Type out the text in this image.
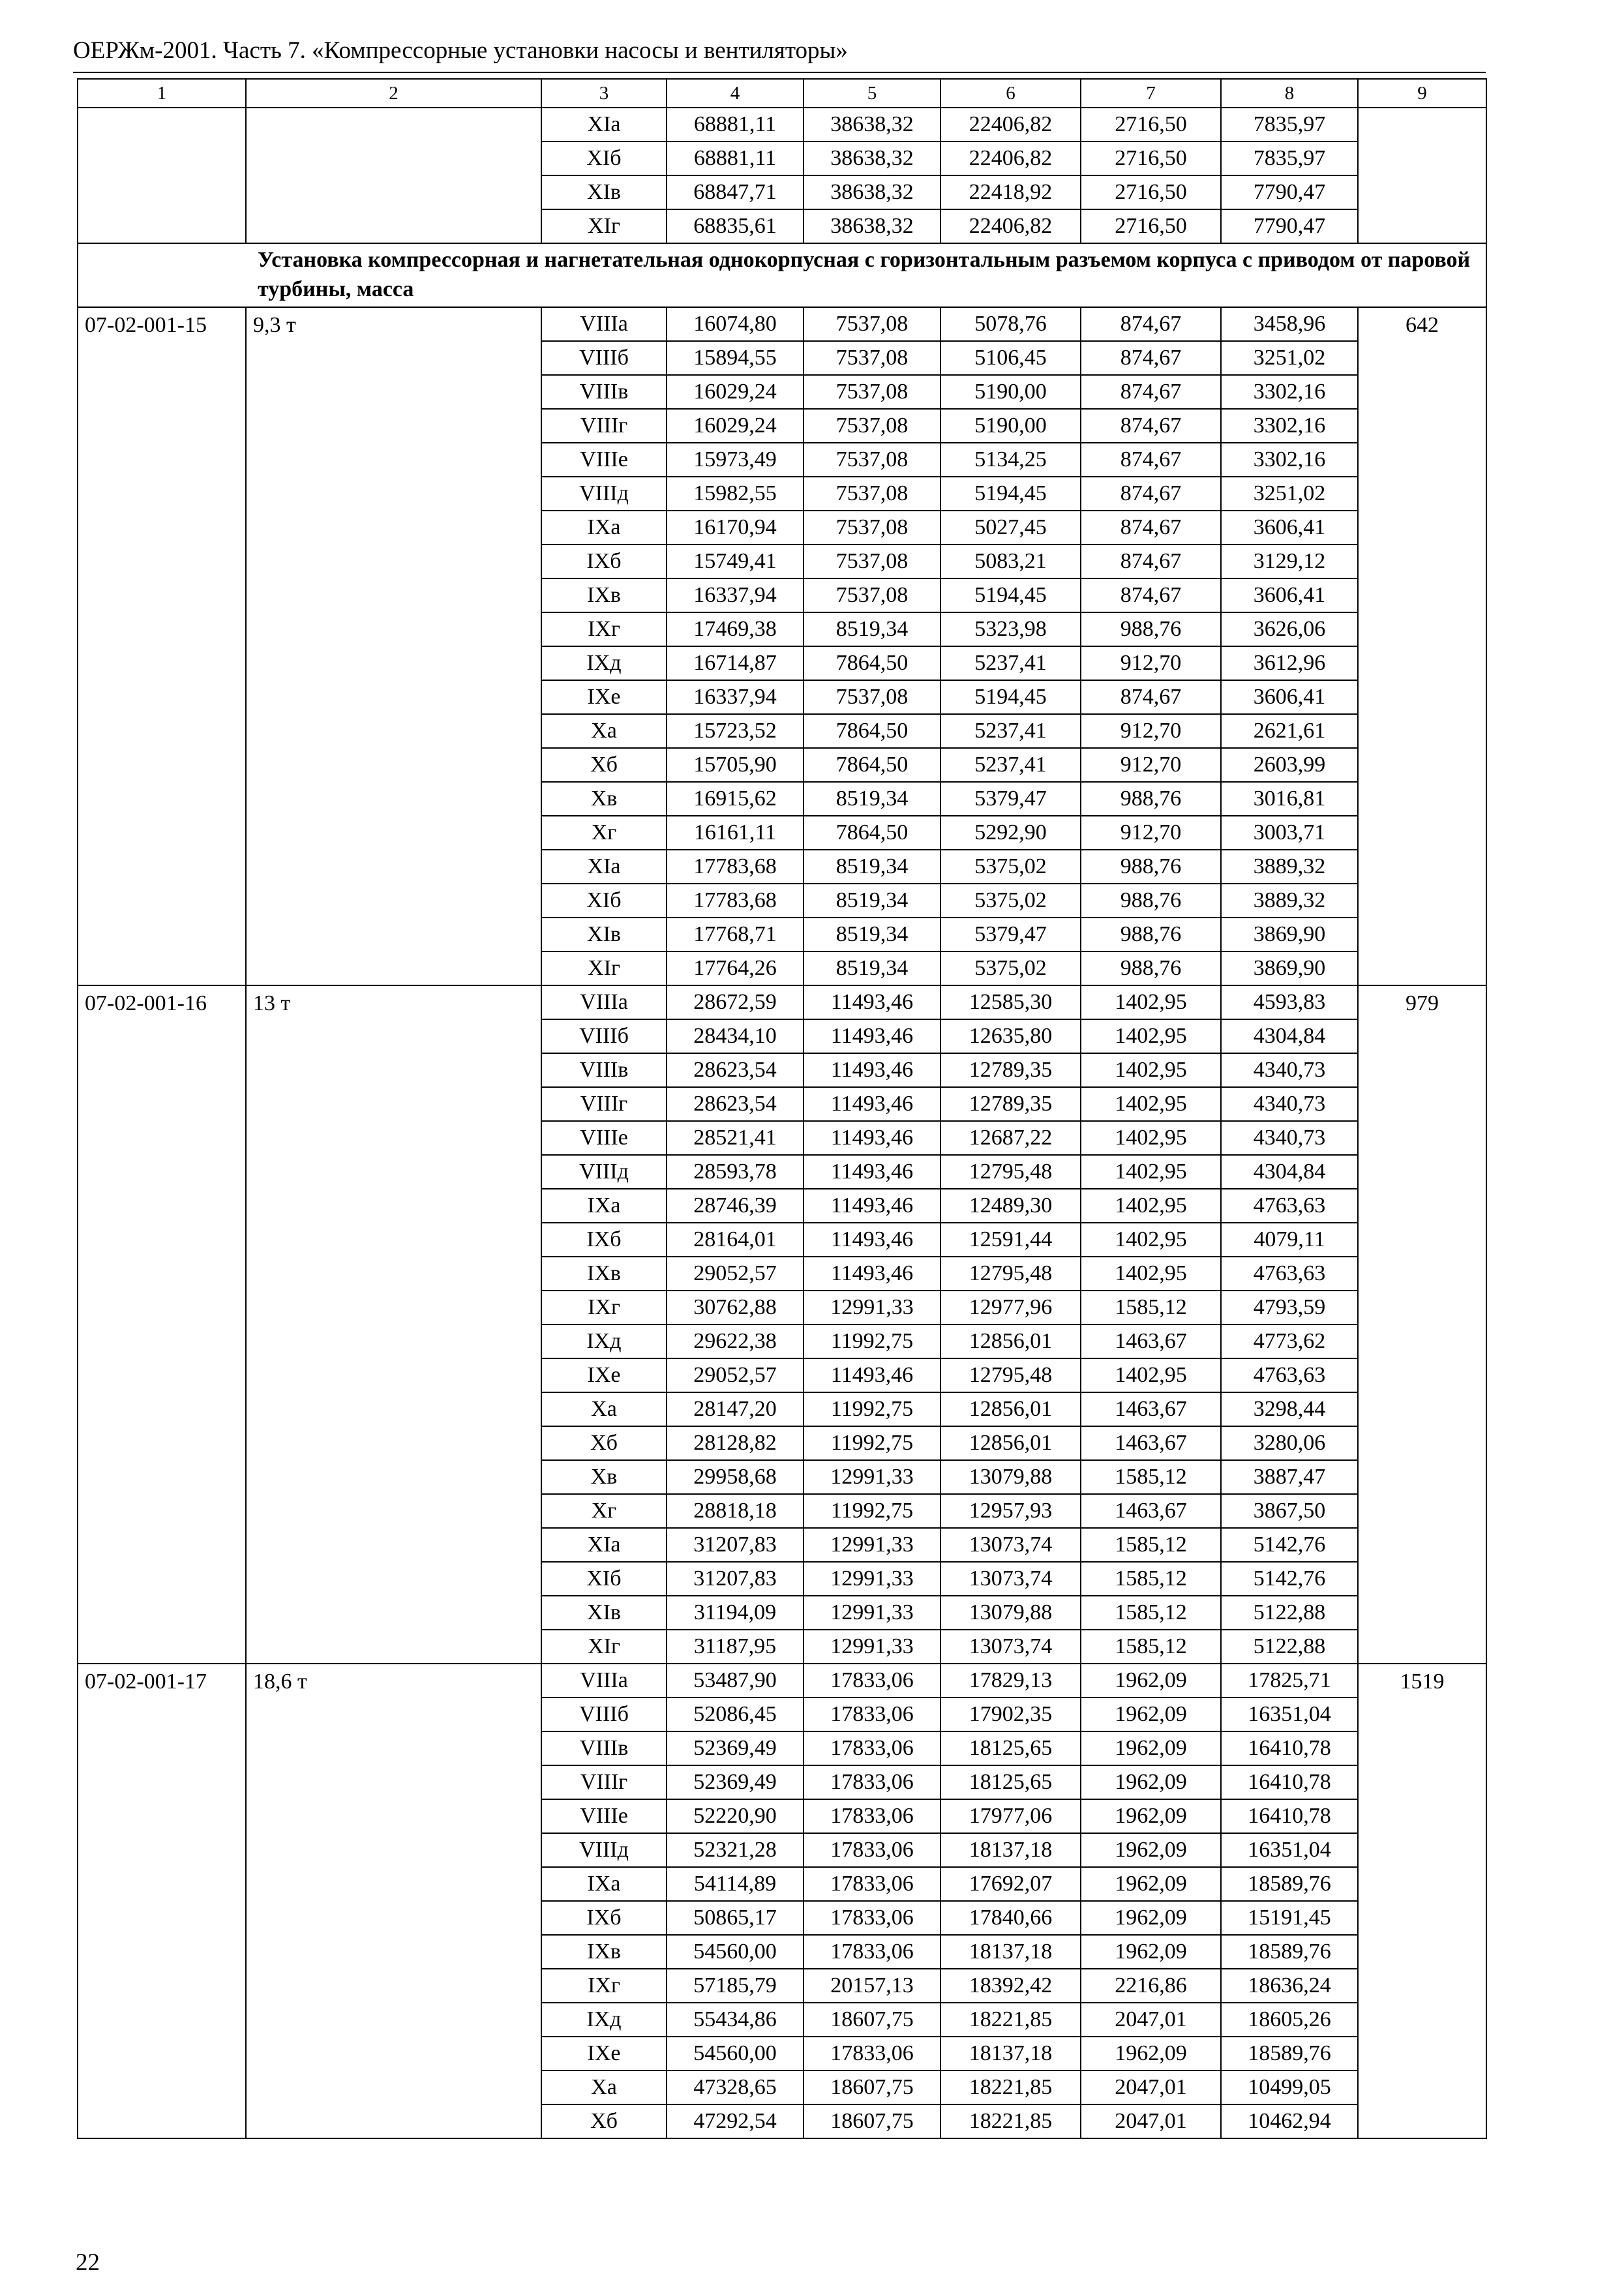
ОЕРЖм-2001. Часть 7. «Компрессорные установки насосы и вентиляторы»
1	2	3	4	5	6	7	8	9
		XIа	68881,11	38638,32	22406,82	2716,50	7835,97	
		XIб	68881,11	38638,32	22406,82	2716,50	7835,97	
		XIв	68847,71	38638,32	22418,92	2716,50	7790,47	
		XIг	68835,61	38638,32	22406,82	2716,50	7790,47	
Установка компрессорная и нагнетательная однокорпусная с горизонтальным разъемом корпуса с приводом от паровой турбины, масса								
07-02-001-15	9,3 т	VIIIа	16074,80	7537,08	5078,76	874,67	3458,96	642
		VIIIб	15894,55	7537,08	5106,45	874,67	3251,02	
		VIIIв	16029,24	7537,08	5190,00	874,67	3302,16	
		VIIIг	16029,24	7537,08	5190,00	874,67	3302,16	
		VIIIе	15973,49	7537,08	5134,25	874,67	3302,16	
		VIIIд	15982,55	7537,08	5194,45	874,67	3251,02	
		IXа	16170,94	7537,08	5027,45	874,67	3606,41	
		IXб	15749,41	7537,08	5083,21	874,67	3129,12	
		IXв	16337,94	7537,08	5194,45	874,67	3606,41	
		IXг	17469,38	8519,34	5323,98	988,76	3626,06	
		IXд	16714,87	7864,50	5237,41	912,70	3612,96	
		IXе	16337,94	7537,08	5194,45	874,67	3606,41	
		Xа	15723,52	7864,50	5237,41	912,70	2621,61	
		Xб	15705,90	7864,50	5237,41	912,70	2603,99	
		Xв	16915,62	8519,34	5379,47	988,76	3016,81	
		Xг	16161,11	7864,50	5292,90	912,70	3003,71	
		XIа	17783,68	8519,34	5375,02	988,76	3889,32	
		XIб	17783,68	8519,34	5375,02	988,76	3889,32	
		XIв	17768,71	8519,34	5379,47	988,76	3869,90	
		XIг	17764,26	8519,34	5375,02	988,76	3869,90	
07-02-001-16	13 т	VIIIа	28672,59	11493,46	12585,30	1402,95	4593,83	979
		VIIIб	28434,10	11493,46	12635,80	1402,95	4304,84	
		VIIIв	28623,54	11493,46	12789,35	1402,95	4340,73	
		VIIIг	28623,54	11493,46	12789,35	1402,95	4340,73	
		VIIIе	28521,41	11493,46	12687,22	1402,95	4340,73	
		VIIIд	28593,78	11493,46	12795,48	1402,95	4304,84	
		IXа	28746,39	11493,46	12489,30	1402,95	4763,63	
		IXб	28164,01	11493,46	12591,44	1402,95	4079,11	
		IXв	29052,57	11493,46	12795,48	1402,95	4763,63	
		IXг	30762,88	12991,33	12977,96	1585,12	4793,59	
		IXд	29622,38	11992,75	12856,01	1463,67	4773,62	
		IXе	29052,57	11493,46	12795,48	1402,95	4763,63	
		Xа	28147,20	11992,75	12856,01	1463,67	3298,44	
		Xб	28128,82	11992,75	12856,01	1463,67	3280,06	
		Xв	29958,68	12991,33	13079,88	1585,12	3887,47	
		Xг	28818,18	11992,75	12957,93	1463,67	3867,50	
		XIа	31207,83	12991,33	13073,74	1585,12	5142,76	
		XIб	31207,83	12991,33	13073,74	1585,12	5142,76	
		XIв	31194,09	12991,33	13079,88	1585,12	5122,88	
		XIг	31187,95	12991,33	13073,74	1585,12	5122,88	
07-02-001-17	18,6 т	VIIIа	53487,90	17833,06	17829,13	1962,09	17825,71	1519
		VIIIб	52086,45	17833,06	17902,35	1962,09	16351,04	
		VIIIв	52369,49	17833,06	18125,65	1962,09	16410,78	
		VIIIг	52369,49	17833,06	18125,65	1962,09	16410,78	
		VIIIе	52220,90	17833,06	17977,06	1962,09	16410,78	
		VIIIд	52321,28	17833,06	18137,18	1962,09	16351,04	
		IXа	54114,89	17833,06	17692,07	1962,09	18589,76	
		IXб	50865,17	17833,06	17840,66	1962,09	15191,45	
		IXв	54560,00	17833,06	18137,18	1962,09	18589,76	
		IXг	57185,79	20157,13	18392,42	2216,86	18636,24	
		IXд	55434,86	18607,75	18221,85	2047,01	18605,26	
		IXе	54560,00	17833,06	18137,18	1962,09	18589,76	
		Xа	47328,65	18607,75	18221,85	2047,01	10499,05	
		Xб	47292,54	18607,75	18221,85	2047,01	10462,94	
22
